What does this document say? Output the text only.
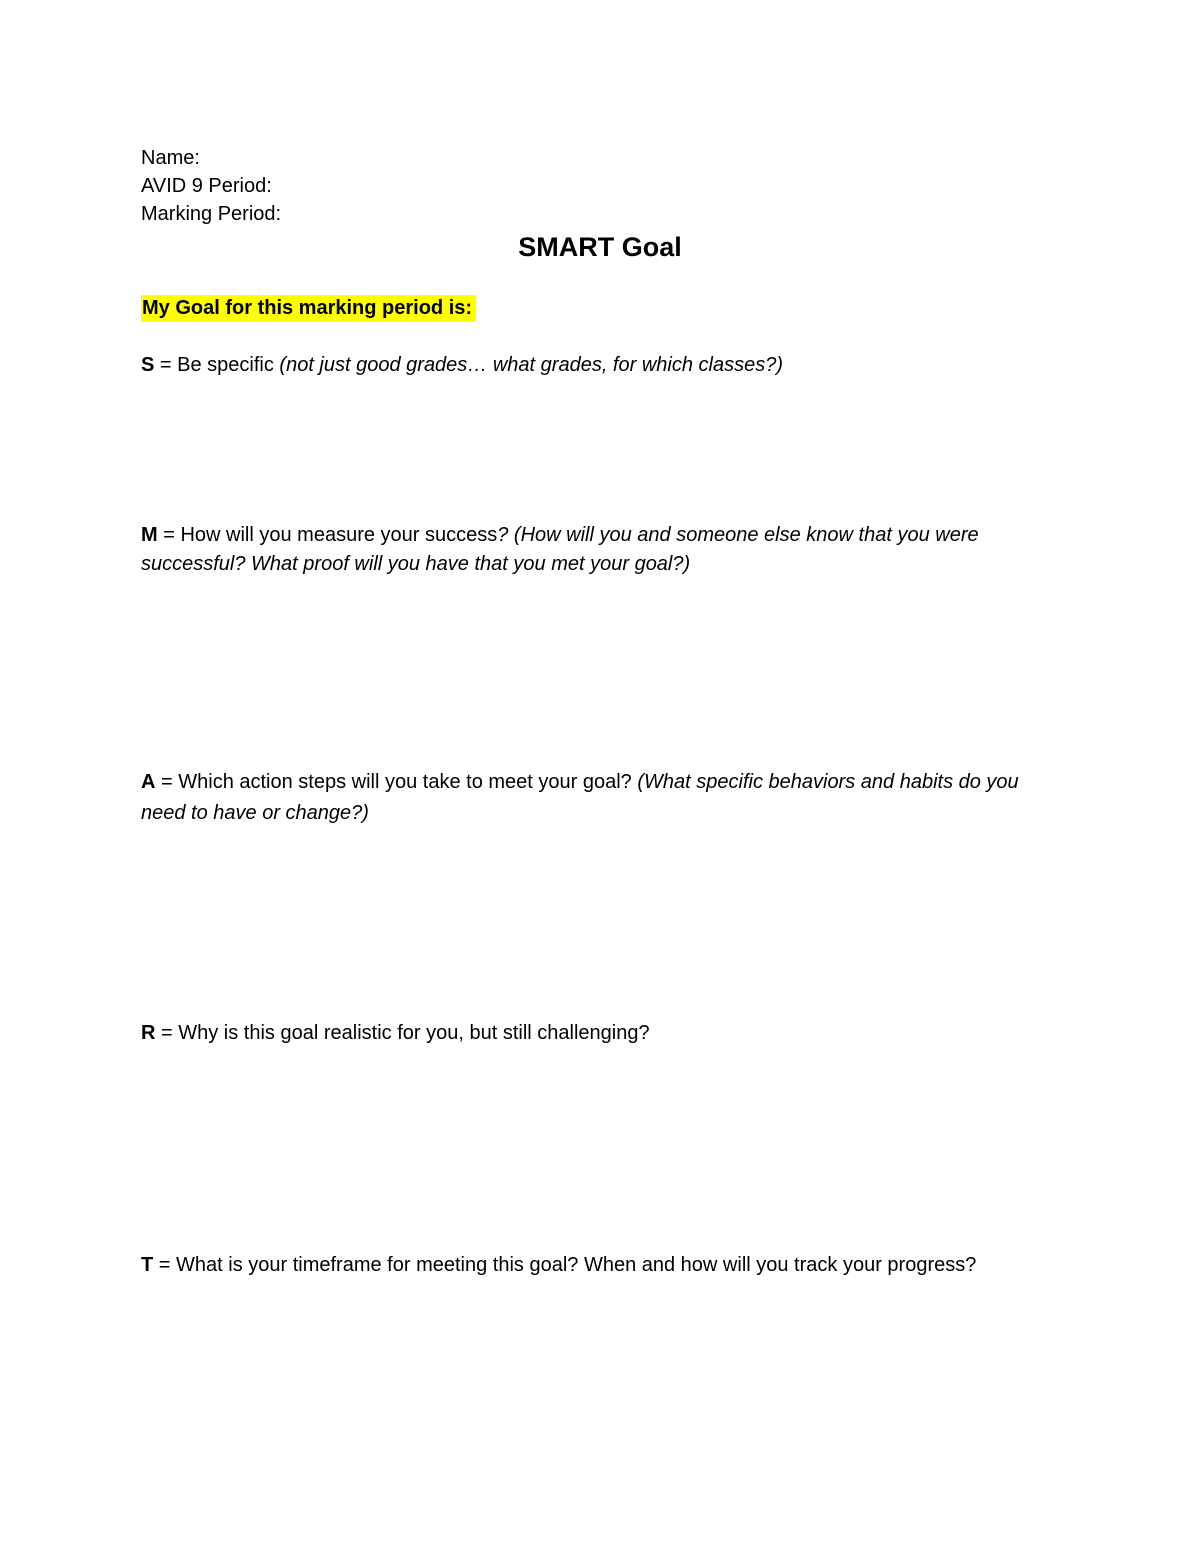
Name:
AVID 9 Period:
Marking Period:
SMART Goal
My Goal for this marking period is:
S = Be specific (not just good grades… what grades, for which classes?)
M = How will you measure your success? (How will you and someone else know that you were successful? What proof will you have that you met your goal?)
A = Which action steps will you take to meet your goal? (What specific behaviors and habits do you need to have or change?)
R = Why is this goal realistic for you, but still challenging?
T = What is your timeframe for meeting this goal? When and how will you track your progress?
